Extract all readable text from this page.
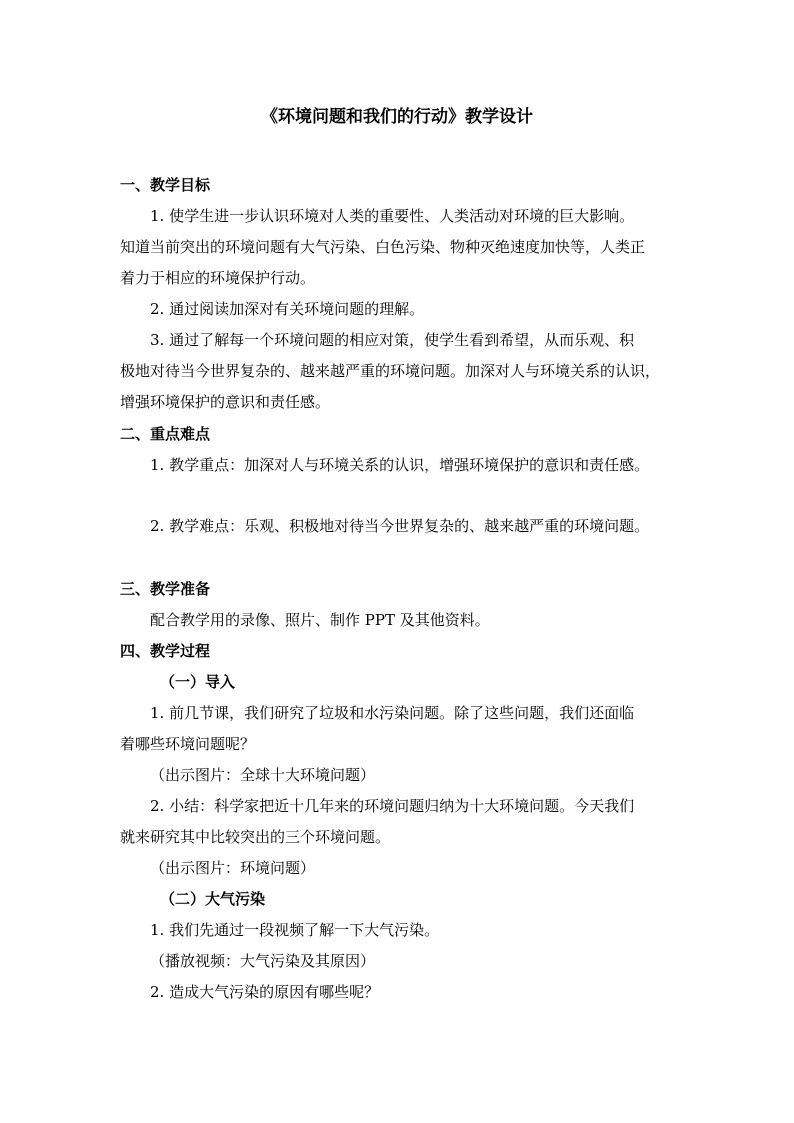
《环境问题和我们的行动》教学设计
一、教学目标
1. 使学生进一步认识环境对人类的重要性、人类活动对环境的巨大影响。
知道当前突出的环境问题有大气污染、白色污染、物种灭绝速度加快等，人类正
着力于相应的环境保护行动。
2. 通过阅读加深对有关环境问题的理解。
3. 通过了解每一个环境问题的相应对策，使学生看到希望，从而乐观、积
极地对待当今世界复杂的、越来越严重的环境问题。加深对人与环境关系的认识，
增强环境保护的意识和责任感。
二、重点难点
1. 教学重点：加深对人与环境关系的认识，增强环境保护的意识和责任感。
2. 教学难点：乐观、积极地对待当今世界复杂的、越来越严重的环境问题。
三、教学准备
配合教学用的录像、照片、制作 PPT 及其他资料。
四、教学过程
（一）导入
1. 前几节课，我们研究了垃圾和水污染问题。除了这些问题，我们还面临
着哪些环境问题呢？
（出示图片：全球十大环境问题）
2. 小结：科学家把近十几年来的环境问题归纳为十大环境问题。今天我们
就来研究其中比较突出的三个环境问题。
（出示图片：环境问题）
（二）大气污染
1. 我们先通过一段视频了解一下大气污染。
（播放视频：大气污染及其原因）
2. 造成大气污染的原因有哪些呢？
